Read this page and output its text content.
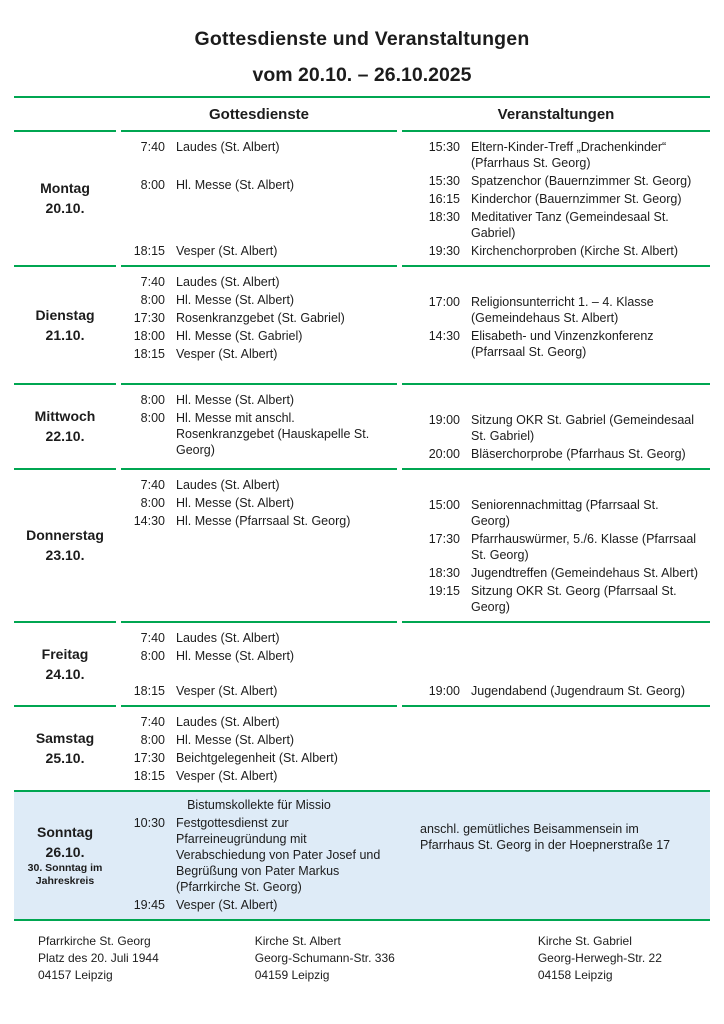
Gottesdienste und Veranstaltungen
vom 20.10. – 26.10.2025
Gottesdienste	Veranstaltungen
Montag
20.10.
7:40 Laudes (St. Albert)
8:00 Hl. Messe (St. Albert)
18:15 Vesper (St. Albert)
15:30 Eltern-Kinder-Treff „Drachenkinder“ (Pfarrhaus St. Georg)
15:30 Spatzenchor (Bauernzimmer St. Georg)
16:15 Kinderchor (Bauernzimmer St. Georg)
18:30 Meditativer Tanz (Gemeindesaal St. Gabriel)
19:30 Kirchenchorproben (Kirche St. Albert)
Dienstag
21.10.
7:40 Laudes (St. Albert)
8:00 Hl. Messe (St. Albert)
17:30 Rosenkranzgebet (St. Gabriel)
18:00 Hl. Messe (St. Gabriel)
18:15 Vesper (St. Albert)
17:00 Religionsunterricht 1. – 4. Klasse (Gemeindehaus St. Albert)
14:30 Elisabeth- und Vinzenzkonferenz (Pfarrsaal St. Georg)
Mittwoch
22.10.
8:00 Hl. Messe (St. Albert)
8:00 Hl. Messe mit anschl. Rosenkranzgebet (Hauskapelle St. Georg)
19:00 Sitzung OKR St. Gabriel (Gemeindesaal St. Gabriel)
20:00 Bläserchorprobe (Pfarrhaus St. Georg)
Donnerstag
23.10.
7:40 Laudes (St. Albert)
8:00 Hl. Messe (St. Albert)
14:30 Hl. Messe (Pfarrsaal St. Georg)
15:00 Seniorennachmittag (Pfarrsaal St. Georg)
17:30 Pfarrhauswürmer, 5./6. Klasse (Pfarrsaal St. Georg)
18:30 Jugendtreffen (Gemeindehaus St. Albert)
19:15 Sitzung OKR St. Georg (Pfarrsaal St. Georg)
Freitag
24.10.
7:40 Laudes (St. Albert)
8:00 Hl. Messe (St. Albert)
18:15 Vesper (St. Albert)	19:00 Jugendabend (Jugendraum St. Georg)
Samstag
25.10.
7:40 Laudes (St. Albert)
8:00 Hl. Messe (St. Albert)
17:30 Beichtgelegenheit (St. Albert)
18:15 Vesper (St. Albert)
Sonntag
26.10.
30. Sonntag im Jahreskreis
Bistumskollekte für Missio
10:30 Festgottesdienst zur Pfarreineugründung mit Verabschiedung von Pater Josef und Begrüßung von Pater Markus (Pfarrkirche St. Georg)
19:45 Vesper (St. Albert)
anschl. gemütliches Beisammensein im Pfarrhaus St. Georg in der Hoepnerstraße 17
Pfarrkirche St. Georg
Platz des 20. Juli 1944
04157 Leipzig
Kirche St. Albert
Georg-Schumann-Str. 336
04159 Leipzig
Kirche St. Gabriel
Georg-Herwegh-Str. 22
04158 Leipzig
